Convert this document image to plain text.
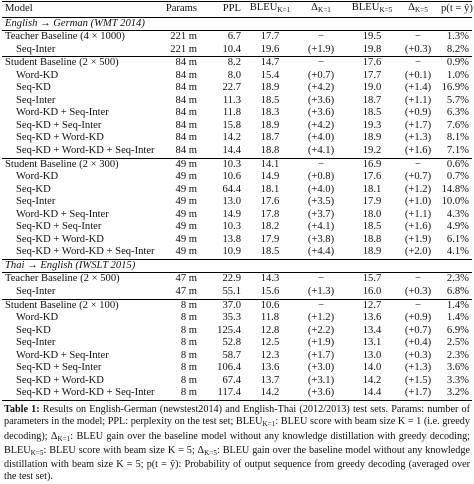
Model	Params	PPL	$BLEU_{K=1}$	$\Delta_{K=1}$	$BLEU_{K=5}$	$\Delta_{K=5}$	p(t = ŷ)
English → German (WMT 2014)							
Teacher Baseline (4 × 1000)	221 m	6.7	17.7	−	19.5	−	1.3%
Seq-Inter	221 m	10.4	19.6	(+1.9)	19.8	(+0.3)	8.2%
Student Baseline (2 × 500)	84 m	8.2	14.7	−	17.6	−	0.9%
Word-KD	84 m	8.0	15.4	(+0.7)	17.7	(+0.1)	1.0%
Seq-KD	84 m	22.7	18.9	(+4.2)	19.0	(+1.4)	16.9%
Seq-Inter	84 m	11.3	18.5	(+3.6)	18.7	(+1.1)	5.7%
Word-KD + Seq-Inter	84 m	11.8	18.3	(+3.6)	18.5	(+0.9)	6.3%
Seq-KD + Seq-Inter	84 m	15.8	18.9	(+4.2)	19.3	(+1.7)	7.6%
Seq-KD + Word-KD	84 m	14.2	18.7	(+4.0)	18.9	(+1.3)	8.1%
Seq-KD + Word-KD + Seq-Inter	84 m	14.4	18.8	(+4.1)	19.2	(+1.6)	7.1%
Student Baseline (2 × 300)	49 m	10.3	14.1	−	16.9	−	0.6%
Word-KD	49 m	10.6	14.9	(+0.8)	17.6	(+0.7)	0.7%
Seq-KD	49 m	64.4	18.1	(+4.0)	18.1	(+1.2)	14.8%
Seq-Inter	49 m	13.0	17.6	(+3.5)	17.9	(+1.0)	10.0%
Word-KD + Seq-Inter	49 m	14.9	17.8	(+3.7)	18.0	(+1.1)	4.3%
Seq-KD + Seq-Inter	49 m	10.3	18.2	(+4.1)	18.5	(+1.6)	4.9%
Seq-KD + Word-KD	49 m	13.8	17.9	(+3.8)	18.8	(+1.9)	6.1%
Seq-KD + Word-KD + Seq-Inter	49 m	10.9	18.5	(+4.4)	18.9	(+2.0)	4.1%
Thai → English (IWSLT 2015)							
Teacher Baseline (2 × 500)	47 m	22.9	14.3	−	15.7	−	2.3%
Seq-Inter	47 m	55.1	15.6	(+1.3)	16.0	(+0.3)	6.8%
Student Baseline (2 × 100)	8 m	37.0	10.6	−	12.7	−	1.4%
Word-KD	8 m	35.3	11.8	(+1.2)	13.6	(+0.9)	1.4%
Seq-KD	8 m	125.4	12.8	(+2.2)	13.4	(+0.7)	6.9%
Seq-Inter	8 m	52.8	12.5	(+1.9)	13.1	(+0.4)	2.5%
Word-KD + Seq-Inter	8 m	58.7	12.3	(+1.7)	13.0	(+0.3)	2.3%
Seq-KD + Seq-Inter	8 m	106.4	13.6	(+3.0)	14.0	(+1.3)	3.6%
Seq-KD + Word-KD	8 m	67.4	13.7	(+3.1)	14.2	(+1.5)	3.3%
Seq-KD + Word-KD + Seq-Inter	8 m	117.4	14.2	(+3.6)	14.4	(+1.7)	3.2%
Table 1: Results on English-German (newstest2014) and English-Thai (2012/2013) test sets. Params: number of parameters in the model; PPL: perplexity on the test set; $BLEU_{K=1}$: BLEU score with beam size K = 1 (i.e. greedy decoding); $\Delta_{K=1}$: BLEU gain over the baseline model without any knowledge distillation with greedy decoding; $BLEU_{K=5}$: BLEU score with beam size K = 5; $\Delta_{K=5}$: BLEU gain over the baseline model without any knowledge distillation with beam size K = 5; p(t = ŷ): Probability of output sequence from greedy decoding (averaged over the test set).
